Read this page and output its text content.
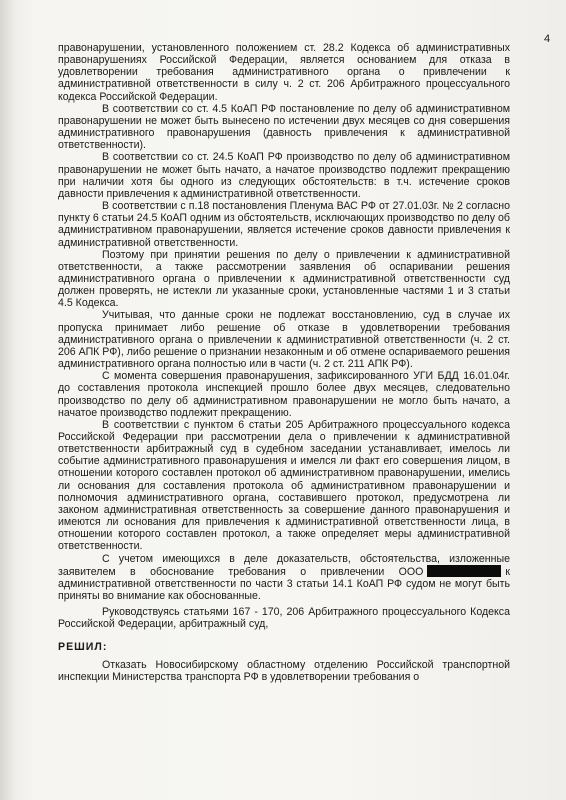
4

правонарушении, установленного положением ст. 28.2 Кодекса об административных правонарушениях Российской Федерации, является основанием для отказа в удовлетворении требования административного органа о привлечении к административной ответственности в силу ч. 2 ст. 206 Арбитражного процессуального кодекса Российской Федерации.

В соответствии со ст. 4.5 КоАП РФ постановление по делу об административном правонарушении не может быть вынесено по истечении двух месяцев со дня совершения административного правонарушения (давность привлечения к административной ответственности).

В соответствии со ст. 24.5 КоАП РФ производство по делу об административном правонарушении не может быть начато, а начатое производство подлежит прекращению при наличии хотя бы одного из следующих обстоятельств: в т.ч. истечение сроков давности привлечения к административной ответственности.

В соответствии с п.18 постановления Пленума ВАС РФ от 27.01.03г. № 2 согласно пункту 6 статьи 24.5 КоАП одним из обстоятельств, исключающих производство по делу об административном правонарушении, является истечение сроков давности привлечения к административной ответственности.

Поэтому при принятии решения по делу о привлечении к административной ответственности, а также рассмотрении заявления об оспаривании решения административного органа о привлечении к административной ответственности суд должен проверять, не истекли ли указанные сроки, установленные частями 1 и 3 статьи 4.5 Кодекса.

Учитывая, что данные сроки не подлежат восстановлению, суд в случае их пропуска принимает либо решение об отказе в удовлетворении требования административного органа о привлечении к административной ответственности (ч. 2 ст. 206 АПК РФ), либо решение о признании незаконным и об отмене оспариваемого решения административного органа полностью или в части (ч. 2 ст. 211 АПК РФ).

С момента совершения правонарушения, зафиксированного УГИ БДД 16.01.04г. до составления протокола инспекцией прошло более двух месяцев, следовательно производство по делу об административном правонарушении не могло быть начато, а начатое производство подлежит прекращению.

В соответствии с пунктом 6 статьи 205 Арбитражного процессуального кодекса Российской Федерации при рассмотрении дела о привлечении к административной ответственности арбитражный суд в судебном заседании устанавливает, имелось ли событие административного правонарушения и имелся ли факт его совершения лицом, в отношении которого составлен протокол об административном правонарушении, имелись ли основания для составления протокола об административном правонарушении и полномочия административного органа, составившего протокол, предусмотрена ли законом административная ответственность за совершение данного правонарушения и имеются ли основания для привлечения к административной ответственности лица, в отношении которого составлен протокол, а также определяет меры административной ответственности.

С учетом имеющихся в деле доказательств, обстоятельства, изложенные заявителем в обоснование требования о привлечении ООО	к административной ответственности по части 3 статьи 14.1 КоАП РФ судом не могут быть приняты во внимание как обоснованные.

Руководствуясь статьями 167 - 170, 206 Арбитражного процессуального Кодекса Российской Федерации, арбитражный суд,

РЕШИЛ:

Отказать Новосибирскому областному отделению Российской транспортной инспекции Министерства транспорта РФ в удовлетворении требования о
